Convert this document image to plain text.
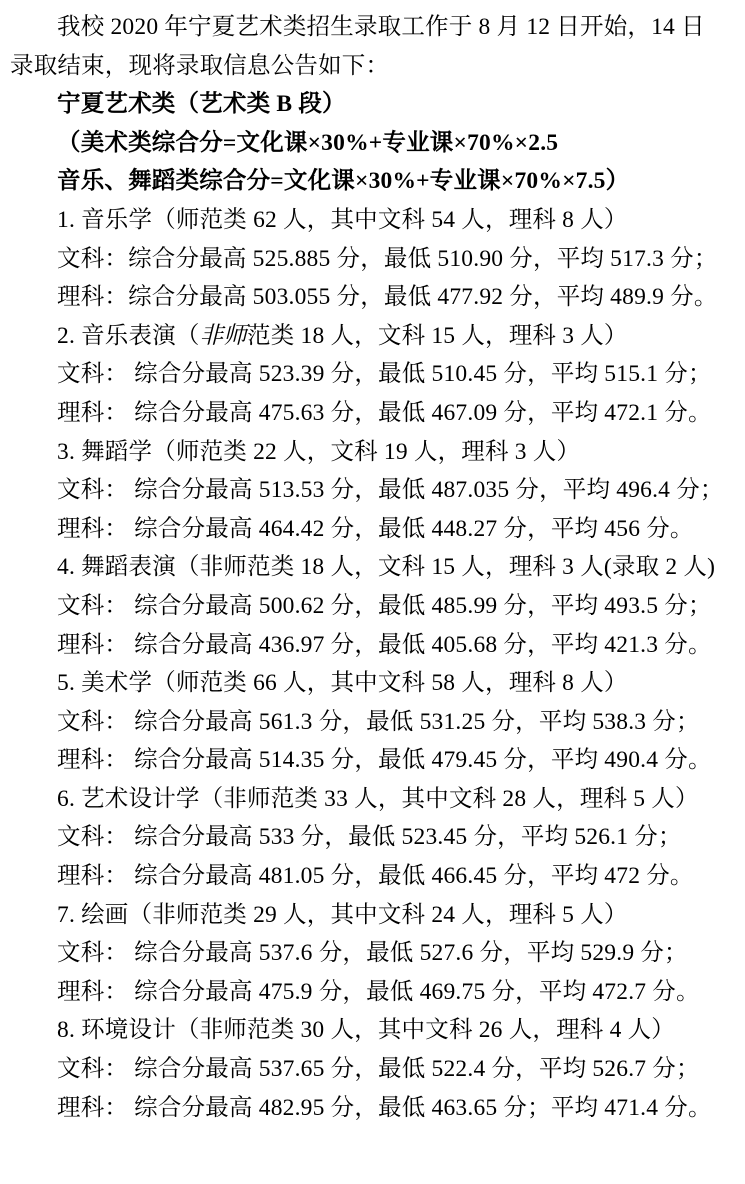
我校 2020 年宁夏艺术类招生录取工作于 8 月 12 日开始，14 日
录取结束，现将录取信息公告如下：
宁夏艺术类（艺术类 B 段）
（美术类综合分=文化课×30%+专业课×70%×2.5
音乐、舞蹈类综合分=文化课×30%+专业课×70%×7.5）
1. 音乐学（师范类 62 人，其中文科 54 人，理科 8 人）
文科：综合分最高 525.885 分，最低 510.90 分，平均 517.3 分；
理科：综合分最高 503.055 分，最低 477.92 分，平均 489.9 分。
2. 音乐表演（非师范类 18 人，文科 15 人，理科 3 人）
文科： 综合分最高 523.39 分，最低 510.45 分，平均 515.1 分；
理科： 综合分最高 475.63 分，最低 467.09 分，平均 472.1 分。
3. 舞蹈学（师范类 22 人，文科 19 人，理科 3 人）
文科： 综合分最高 513.53 分，最低 487.035 分，平均 496.4 分；
理科： 综合分最高 464.42 分，最低 448.27 分，平均 456 分。
4. 舞蹈表演（非师范类 18 人，文科 15 人，理科 3 人(录取 2 人)
文科： 综合分最高 500.62 分，最低 485.99 分，平均 493.5 分；
理科： 综合分最高 436.97 分，最低 405.68 分，平均 421.3 分。
5. 美术学（师范类 66 人，其中文科 58 人，理科 8 人）
文科： 综合分最高 561.3 分，最低 531.25 分，平均 538.3 分；
理科： 综合分最高 514.35 分，最低 479.45 分，平均 490.4 分。
6. 艺术设计学（非师范类 33 人，其中文科 28 人，理科 5 人）
文科： 综合分最高 533 分，最低 523.45 分，平均 526.1 分；
理科： 综合分最高 481.05 分，最低 466.45 分，平均 472 分。
7. 绘画（非师范类 29 人，其中文科 24 人，理科 5 人）
文科： 综合分最高 537.6 分，最低 527.6 分，平均 529.9 分；
理科： 综合分最高 475.9 分，最低 469.75 分，平均 472.7 分。
8. 环境设计（非师范类 30 人，其中文科 26 人，理科 4 人）
文科： 综合分最高 537.65 分，最低 522.4 分，平均 526.7 分；
理科： 综合分最高 482.95 分，最低 463.65 分；平均 471.4 分。
